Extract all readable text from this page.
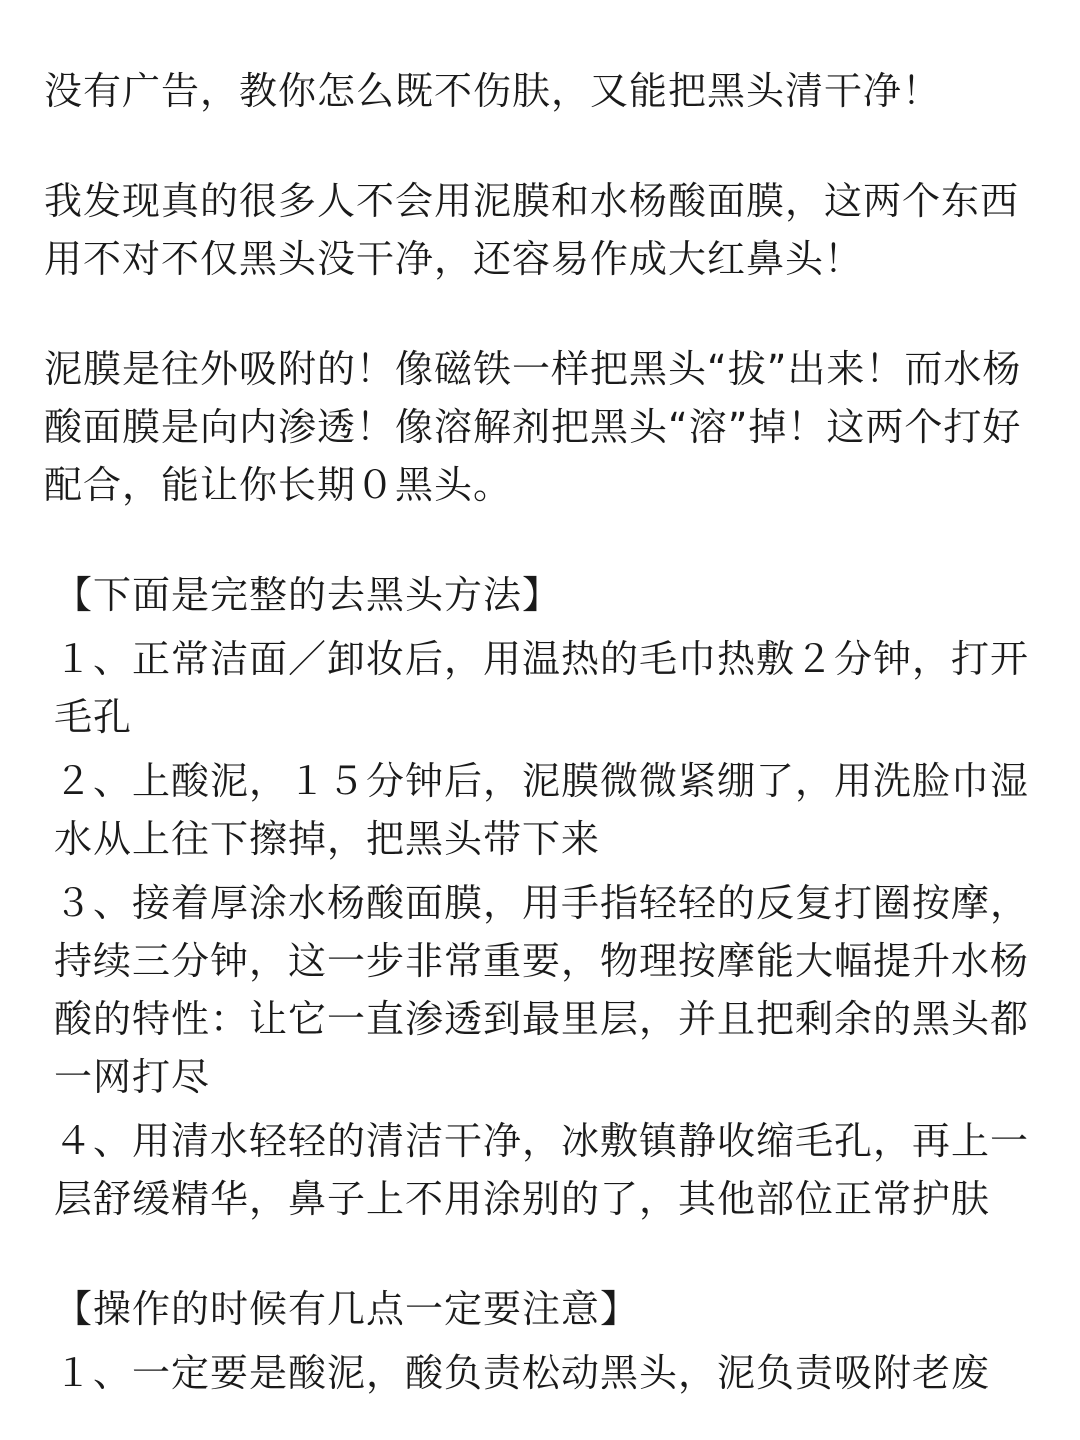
没有广告，教你怎么既不伤肤，又能把黑头清干净！

我发现真的很多人不会用泥膜和水杨酸面膜，这两个东西用不对不仅黑头没干净，还容易作成大红鼻头！

泥膜是往外吸附的！像磁铁一样把黑头“拔”出来！而水杨酸面膜是向内渗透！像溶解剂把黑头“溶”掉！这两个打好配合，能让你长期０黑头。

【下面是完整的去黑头方法】

１、正常洁面／卸妆后，用温热的毛巾热敷２分钟，打开毛孔

２、上酸泥，１５分钟后，泥膜微微紧绷了，用洗脸巾湿水从上往下擦掉，把黑头带下来

３、接着厚涂水杨酸面膜，用手指轻轻的反复打圈按摩，持续三分钟，这一步非常重要，物理按摩能大幅提升水杨酸的特性：让它一直渗透到最里层，并且把剩余的黑头都一网打尽

４、用清水轻轻的清洁干净，冰敷镇静收缩毛孔，再上一层舒缓精华，鼻子上不用涂别的了，其他部位正常护肤

【操作的时候有几点一定要注意】

１、一定要是酸泥，酸负责松动黑头，泥负责吸附老废
